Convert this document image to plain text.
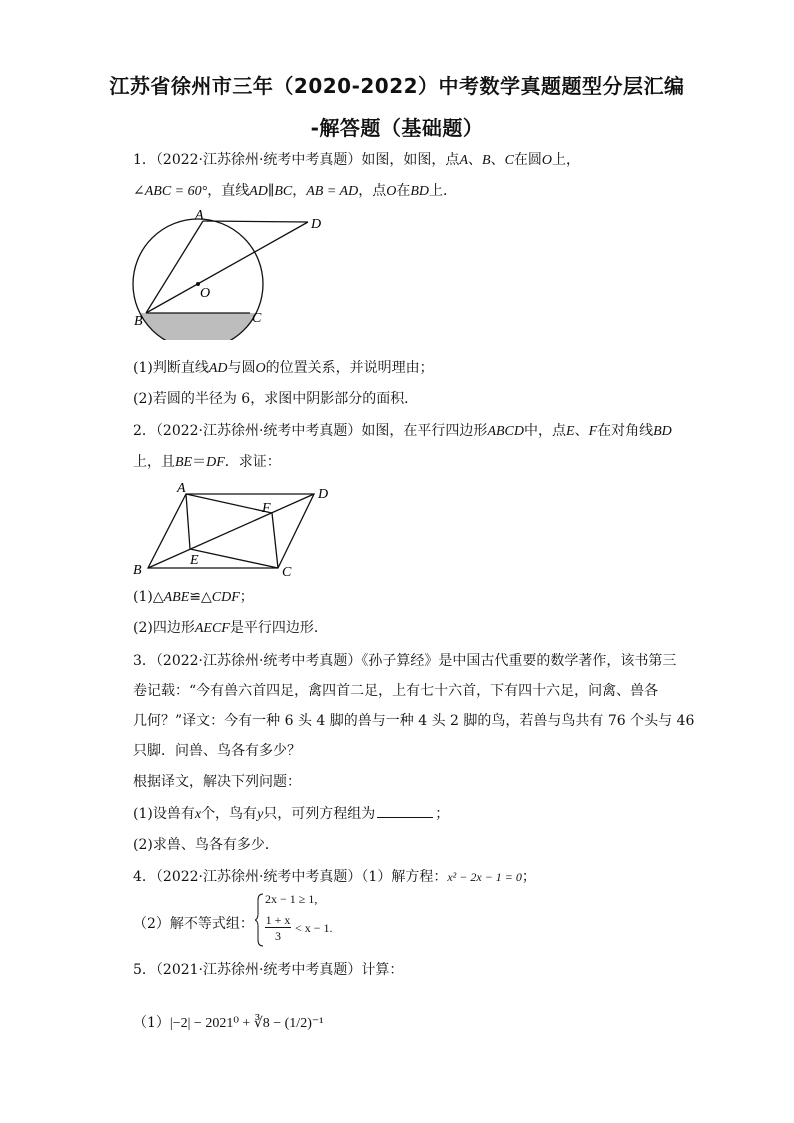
江苏省徐州市三年（2020-2022）中考数学真题题型分层汇编
-解答题（基础题）
1．（2022·江苏徐州·统考中考真题）如图，如图，点A、B、C在圆O上，
∠ABC = 60°，直线AD∥BC，AB = AD，点O在BD上．
A
D
O
B	C
(1)判断直线AD与圆O的位置关系，并说明理由；
(2)若圆的半径为 6，求图中阴影部分的面积．
2．（2022·江苏徐州·统考中考真题）如图，在平行四边形ABCD中，点E、F在对角线BD
上，且BE＝DF．求证：
A	D
F
E
B	C
(1)△ABE≌△CDF；
(2)四边形AECF是平行四边形．
3．（2022·江苏徐州·统考中考真题）《孙子算经》是中国古代重要的数学著作，该书第三
卷记载：“今有兽六首四足，禽四首二足，上有七十六首，下有四十六足，问禽、兽各
几何？”译文：今有一种 6 头 4 脚的兽与一种 4 头 2 脚的鸟，若兽与鸟共有 76 个头与 46
只脚．问兽、鸟各有多少？
根据译文，解决下列问题：
(1)设兽有x个，鸟有y只，可列方程组为	；
(2)求兽、鸟各有多少．
4．（2022·江苏徐州·统考中考真题）（1）解方程：x² − 2x − 1 = 0；
（2）解不等式组：
2x − 1 ≥ 1,
1 + x
3
< x − 1.
5．（2021·江苏徐州·统考中考真题）计算：
（1）|−2| − 2021⁰ + ∛8 − (1/2)⁻¹
